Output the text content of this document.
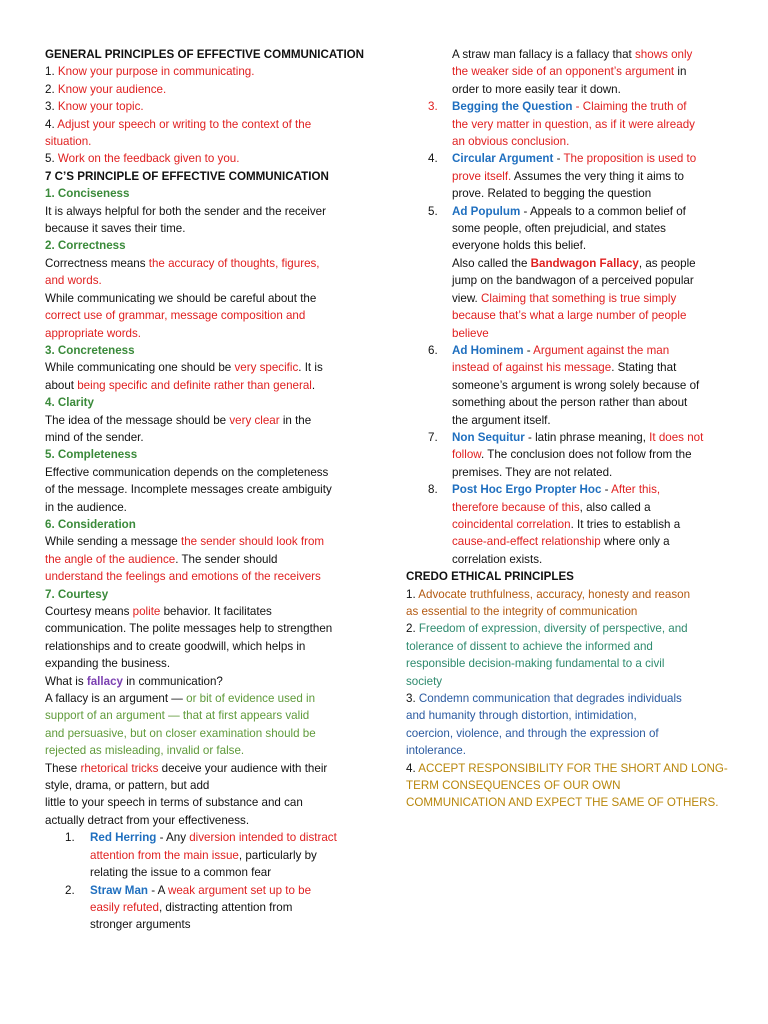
GENERAL PRINCIPLES OF EFFECTIVE COMMUNICATION
1. Know your purpose in communicating.
2. Know your audience.
3. Know your topic.
4. Adjust your speech or writing to the context of the
situation.
5. Work on the feedback given to you.
7 C’S PRINCIPLE OF EFFECTIVE COMMUNICATION
1. Conciseness
It is always helpful for both the sender and the receiver
because it saves their time.
2. Correctness
Correctness means the accuracy of thoughts, figures,
and words.
While communicating we should be careful about the
correct use of grammar, message composition and
appropriate words.
3. Concreteness
While communicating one should be very specific. It is
about being specific and definite rather than general.
4. Clarity
The idea of the message should be very clear in the
mind of the sender.
5. Completeness
Effective communication depends on the completeness
of the message. Incomplete messages create ambiguity
in the audience.
6. Consideration
While sending a message the sender should look from
the angle of the audience. The sender should
understand the feelings and emotions of the receivers
7. Courtesy
Courtesy means polite behavior. It facilitates
communication. The polite messages help to strengthen
relationships and to create goodwill, which helps in
expanding the business.
What is fallacy in communication?
A fallacy is an argument — or bit of evidence used in
support of an argument — that at first appears valid
and persuasive, but on closer examination should be
rejected as misleading, invalid or false.
These rhetorical tricks deceive your audience with their
style, drama, or pattern, but add
little to your speech in terms of substance and can
actually detract from your effectiveness.
1. Red Herring - Any diversion intended to distract
attention from the main issue, particularly by
relating the issue to a common fear
2. Straw Man - A weak argument set up to be
easily refuted, distracting attention from
stronger arguments
A straw man fallacy is a fallacy that shows only
the weaker side of an opponent’s argument in
order to more easily tear it down.
3. Begging the Question - Claiming the truth of
the very matter in question, as if it were already
an obvious conclusion.
4. Circular Argument - The proposition is used to
prove itself. Assumes the very thing it aims to
prove. Related to begging the question
5. Ad Populum - Appeals to a common belief of
some people, often prejudicial, and states
everyone holds this belief.
Also called the Bandwagon Fallacy, as people
jump on the bandwagon of a perceived popular
view. Claiming that something is true simply
because that’s what a large number of people
believe
6. Ad Hominem - Argument against the man
instead of against his message. Stating that
someone’s argument is wrong solely because of
something about the person rather than about
the argument itself.
7. Non Sequitur - latin phrase meaning, It does not
follow. The conclusion does not follow from the
premises. They are not related.
8. Post Hoc Ergo Propter Hoc - After this,
therefore because of this, also called a
coincidental correlation. It tries to establish a
cause-and-effect relationship where only a
correlation exists.
CREDO ETHICAL PRINCIPLES
1. Advocate truthfulness, accuracy, honesty and reason
as essential to the integrity of communication
2. Freedom of expression, diversity of perspective, and
tolerance of dissent to achieve the informed and
responsible decision-making fundamental to a civil
society
3. Condemn communication that degrades individuals
and humanity through distortion, intimidation,
coercion, violence, and through the expression of
intolerance.
4. ACCEPT RESPONSIBILITY FOR THE SHORT AND LONG-
TERM CONSEQUENCES OF OUR OWN
COMMUNICATION AND EXPECT THE SAME OF OTHERS.
